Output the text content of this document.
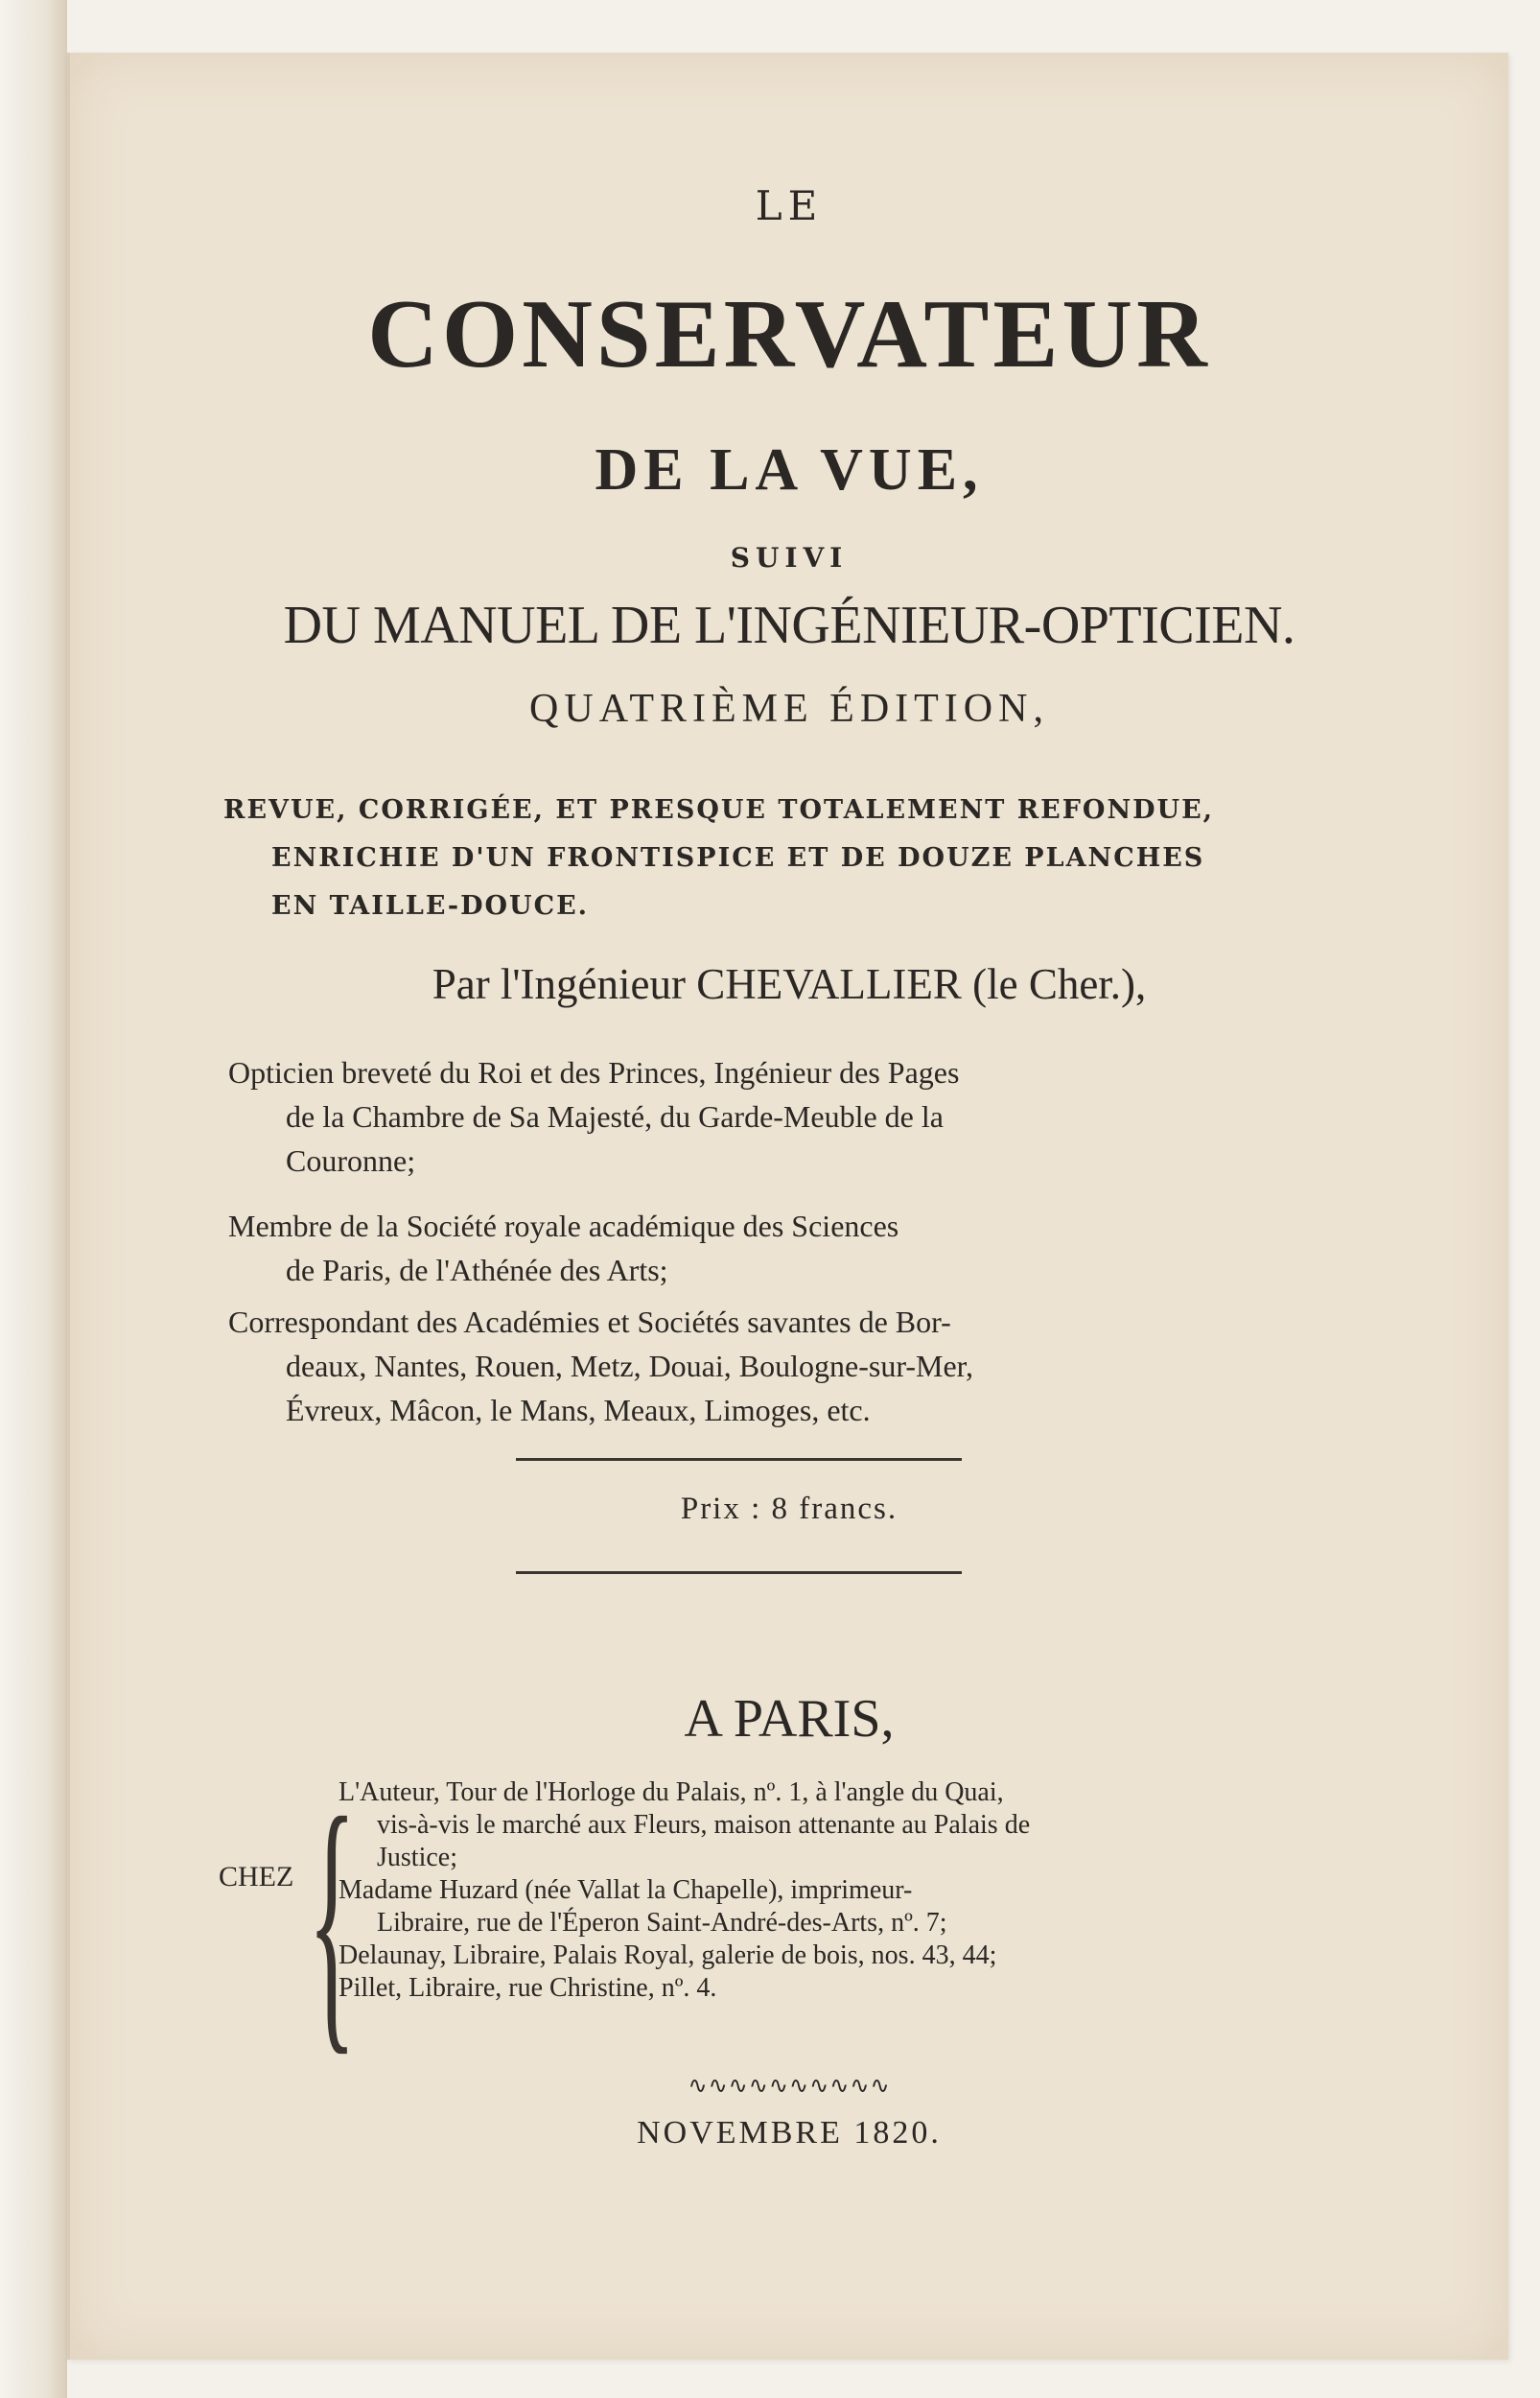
LE
CONSERVATEUR
DE LA VUE,
SUIVI
DU MANUEL DE L'INGÉNIEUR-OPTICIEN.
QUATRIÈME ÉDITION,
REVUE, CORRIGÉE, ET PRESQUE TOTALEMENT REFONDUE,
ENRICHIE D'UN FRONTISPICE ET DE DOUZE PLANCHES
EN TAILLE-DOUCE.
Par l'Ingénieur CHEVALLIER (le Cher.),
Opticien breveté du Roi et des Princes, Ingénieur des Pages
de la Chambre de Sa Majesté, du Garde-Meuble de la
Couronne;
Membre de la Société royale académique des Sciences
de Paris, de l'Athénée des Arts;
Correspondant des Académies et Sociétés savantes de Bor-
deaux, Nantes, Rouen, Metz, Douai, Boulogne-sur-Mer,
Évreux, Mâcon, le Mans, Meaux, Limoges, etc.
Prix : 8 francs.
A PARIS,
CHEZ {
L'Auteur, Tour de l'Horloge du Palais, nº. 1, à l'angle du Quai,
vis-à-vis le marché aux Fleurs, maison attenante au Palais de
Justice;
Madame Huzard (née Vallat la Chapelle), imprimeur-
Libraire, rue de l'Éperon Saint-André-des-Arts, nº. 7;
Delaunay, Libraire, Palais Royal, galerie de bois, nos. 43, 44;
Pillet, Libraire, rue Christine, nº. 4.
∿∿∿∿∿∿∿∿∿∿
NOVEMBRE 1820.
